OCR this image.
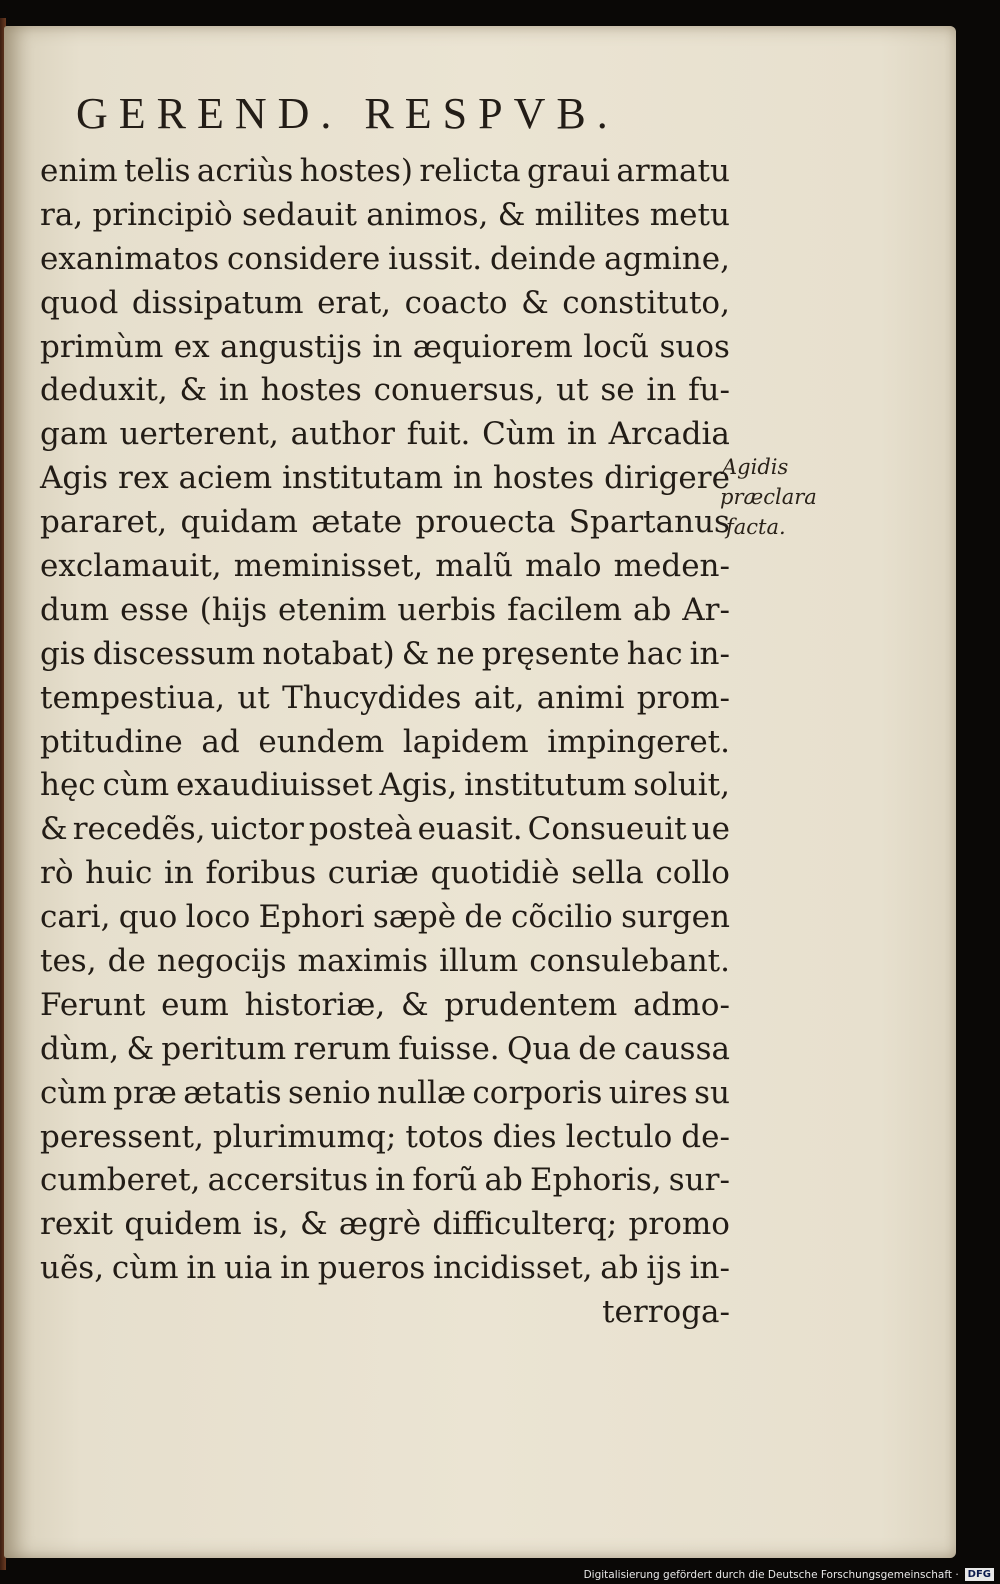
GEREND. RESPVB.
enim telis acriùs hostes) relicta graui armatu
ra, principiò sedauit animos, & milites metu
exanimatos considere iussit. deinde agmine,
quod dissipatum erat, coacto & constituto,
primùm ex angustijs in æquiorem locũ suos
deduxit, & in hostes conuersus, ut se in fu-
gam uerterent, author fuit. Cùm in Arcadia
Agis rex aciem institutam in hostes dirigere
pararet, quidam ætate prouecta Spartanus
exclamauit, meminisset, malũ malo meden-
dum esse (hijs etenim uerbis facilem ab Ar-
gis discessum notabat) & ne pręsente hac in-
tempestiua, ut Thucydides ait, animi prom-
ptitudine ad eundem lapidem impingeret.
hęc cùm exaudiuisset Agis, institutum soluit,
& recedẽs, uictor posteà euasit. Consueuit ue
rò huic in foribus curiæ quotidiè sella collo
cari, quo loco Ephori sæpè de cõcilio surgen
tes, de negocijs maximis illum consulebant.
Ferunt eum historiæ, & prudentem admo-
dùm, & peritum rerum fuisse. Qua de caussa
cùm præ ætatis senio nullæ corporis uires su
peressent, plurimumq; totos dies lectulo de-
cumberet, accersitus in forũ ab Ephoris, sur-
rexit quidem is, & ægrè difficulterq; promo
uẽs, cùm in uia in pueros incidisset, ab ijs in-
terroga-
Agidis
præclara
facta.
Digitalisierung gefördert durch die Deutsche Forschungsgemeinschaft · DFG
